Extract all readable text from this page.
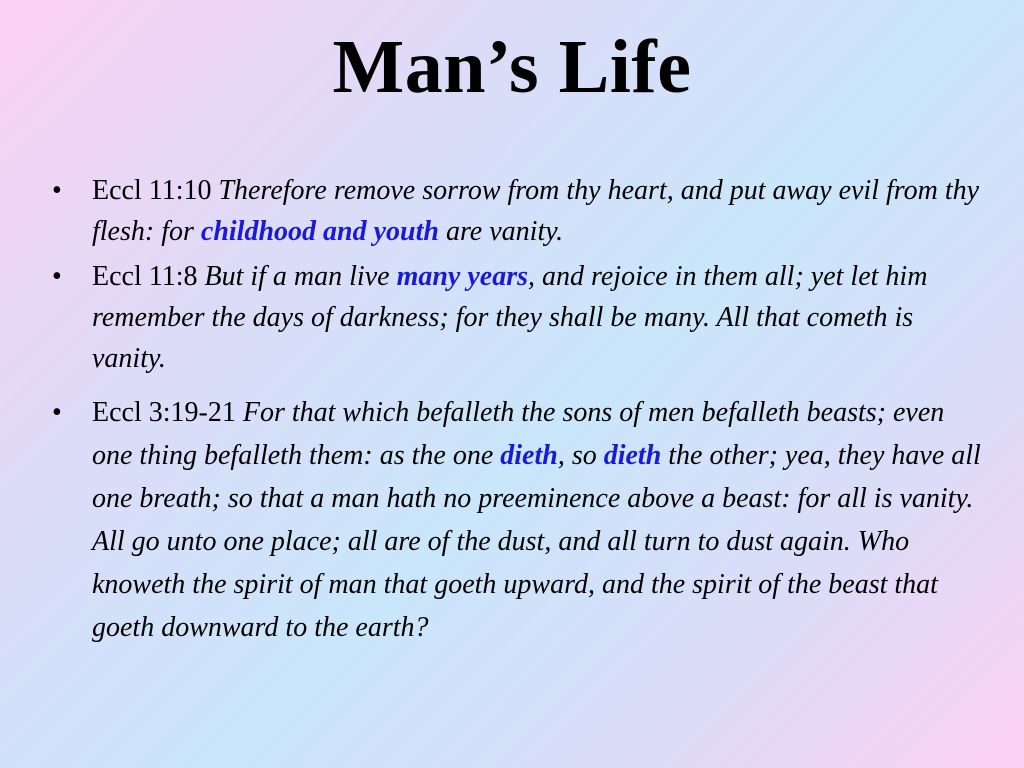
Man’s Life
• Eccl 11:10 Therefore remove sorrow from thy heart, and put away evil from thy flesh: for childhood and youth are vanity.
• Eccl 11:8 But if a man live many years, and rejoice in them all; yet let him remember the days of darkness; for they shall be many. All that cometh is vanity.
• Eccl 3:19-21 For that which befalleth the sons of men befalleth beasts; even one thing befalleth them: as the one dieth, so dieth the other; yea, they have all one breath; so that a man hath no preeminence above a beast: for all is vanity. All go unto one place; all are of the dust, and all turn to dust again. Who knoweth the spirit of man that goeth upward, and the spirit of the beast that goeth downward to the earth?
